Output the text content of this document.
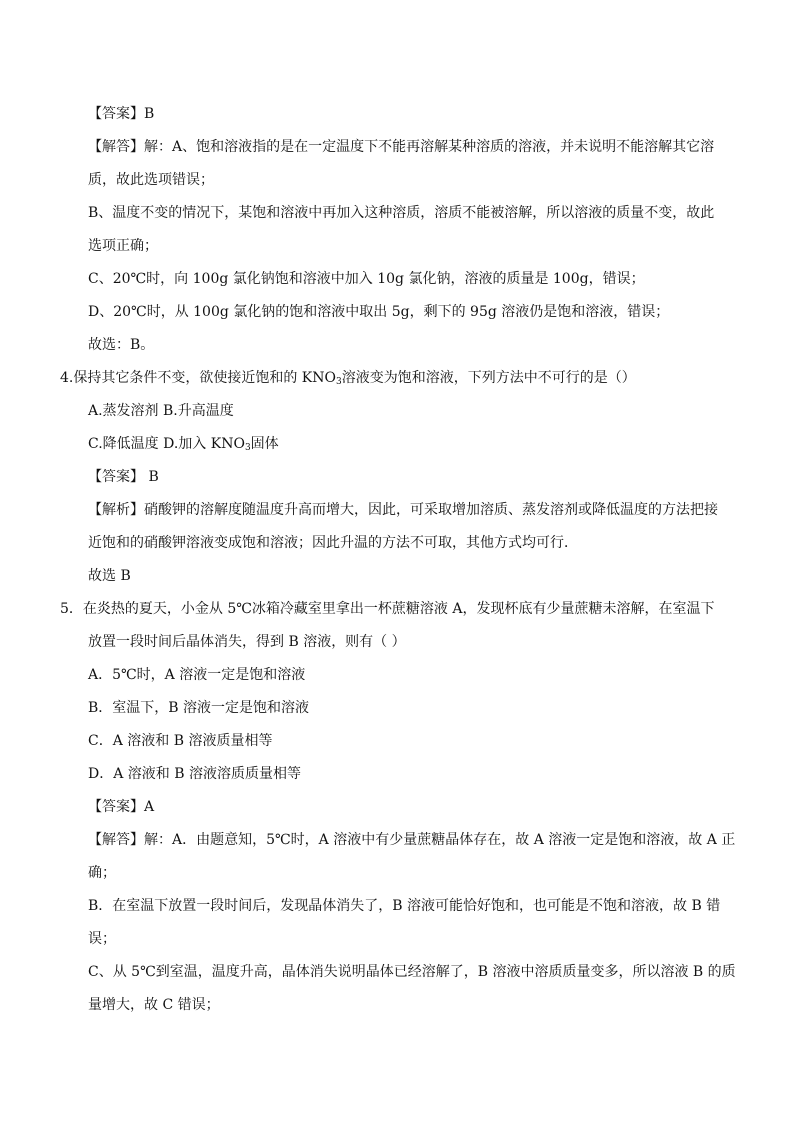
【答案】B
【解答】解：A、饱和溶液指的是在一定温度下不能再溶解某种溶质的溶液，并未说明不能溶解其它溶
质，故此选项错误；
B、温度不变的情况下，某饱和溶液中再加入这种溶质，溶质不能被溶解，所以溶液的质量不变，故此
选项正确；
C、20℃时，向 100g 氯化钠饱和溶液中加入 10g 氯化钠，溶液的质量是 100g，错误；
D、20℃时，从 100g 氯化钠的饱和溶液中取出 5g，剩下的 95g 溶液仍是饱和溶液，错误；
故选：B。
4.保持其它条件不变，欲使接近饱和的 $KNO_3$溶液变为饱和溶液，下列方法中不可行的是（）
A.蒸发溶剂 B.升高温度
C.降低温度 D.加入 $KNO_3$固体
【答案】 B
【解析】硝酸钾的溶解度随温度升高而增大，因此，可采取增加溶质、蒸发溶剂或降低温度的方法把接
近饱和的硝酸钾溶液变成饱和溶液；因此升温的方法不可取，其他方式均可行．
故选 B
5．在炎热的夏天，小金从 5℃冰箱冷藏室里拿出一杯蔗糖溶液 A，发现杯底有少量蔗糖未溶解，在室温下
放置一段时间后晶体消失，得到 B 溶液，则有（ ）
A．5℃时，A 溶液一定是饱和溶液
B．室温下，B 溶液一定是饱和溶液
C．A 溶液和 B 溶液质量相等
D．A 溶液和 B 溶液溶质质量相等
【答案】A
【解答】解：A．由题意知，5℃时，A 溶液中有少量蔗糖晶体存在，故 A 溶液一定是饱和溶液，故 A 正
确；
B．在室温下放置一段时间后，发现晶体消失了，B 溶液可能恰好饱和，也可能是不饱和溶液，故 B 错
误；
C、从 5℃到室温，温度升高，晶体消失说明晶体已经溶解了，B 溶液中溶质质量变多，所以溶液 B 的质
量增大，故 C 错误；
